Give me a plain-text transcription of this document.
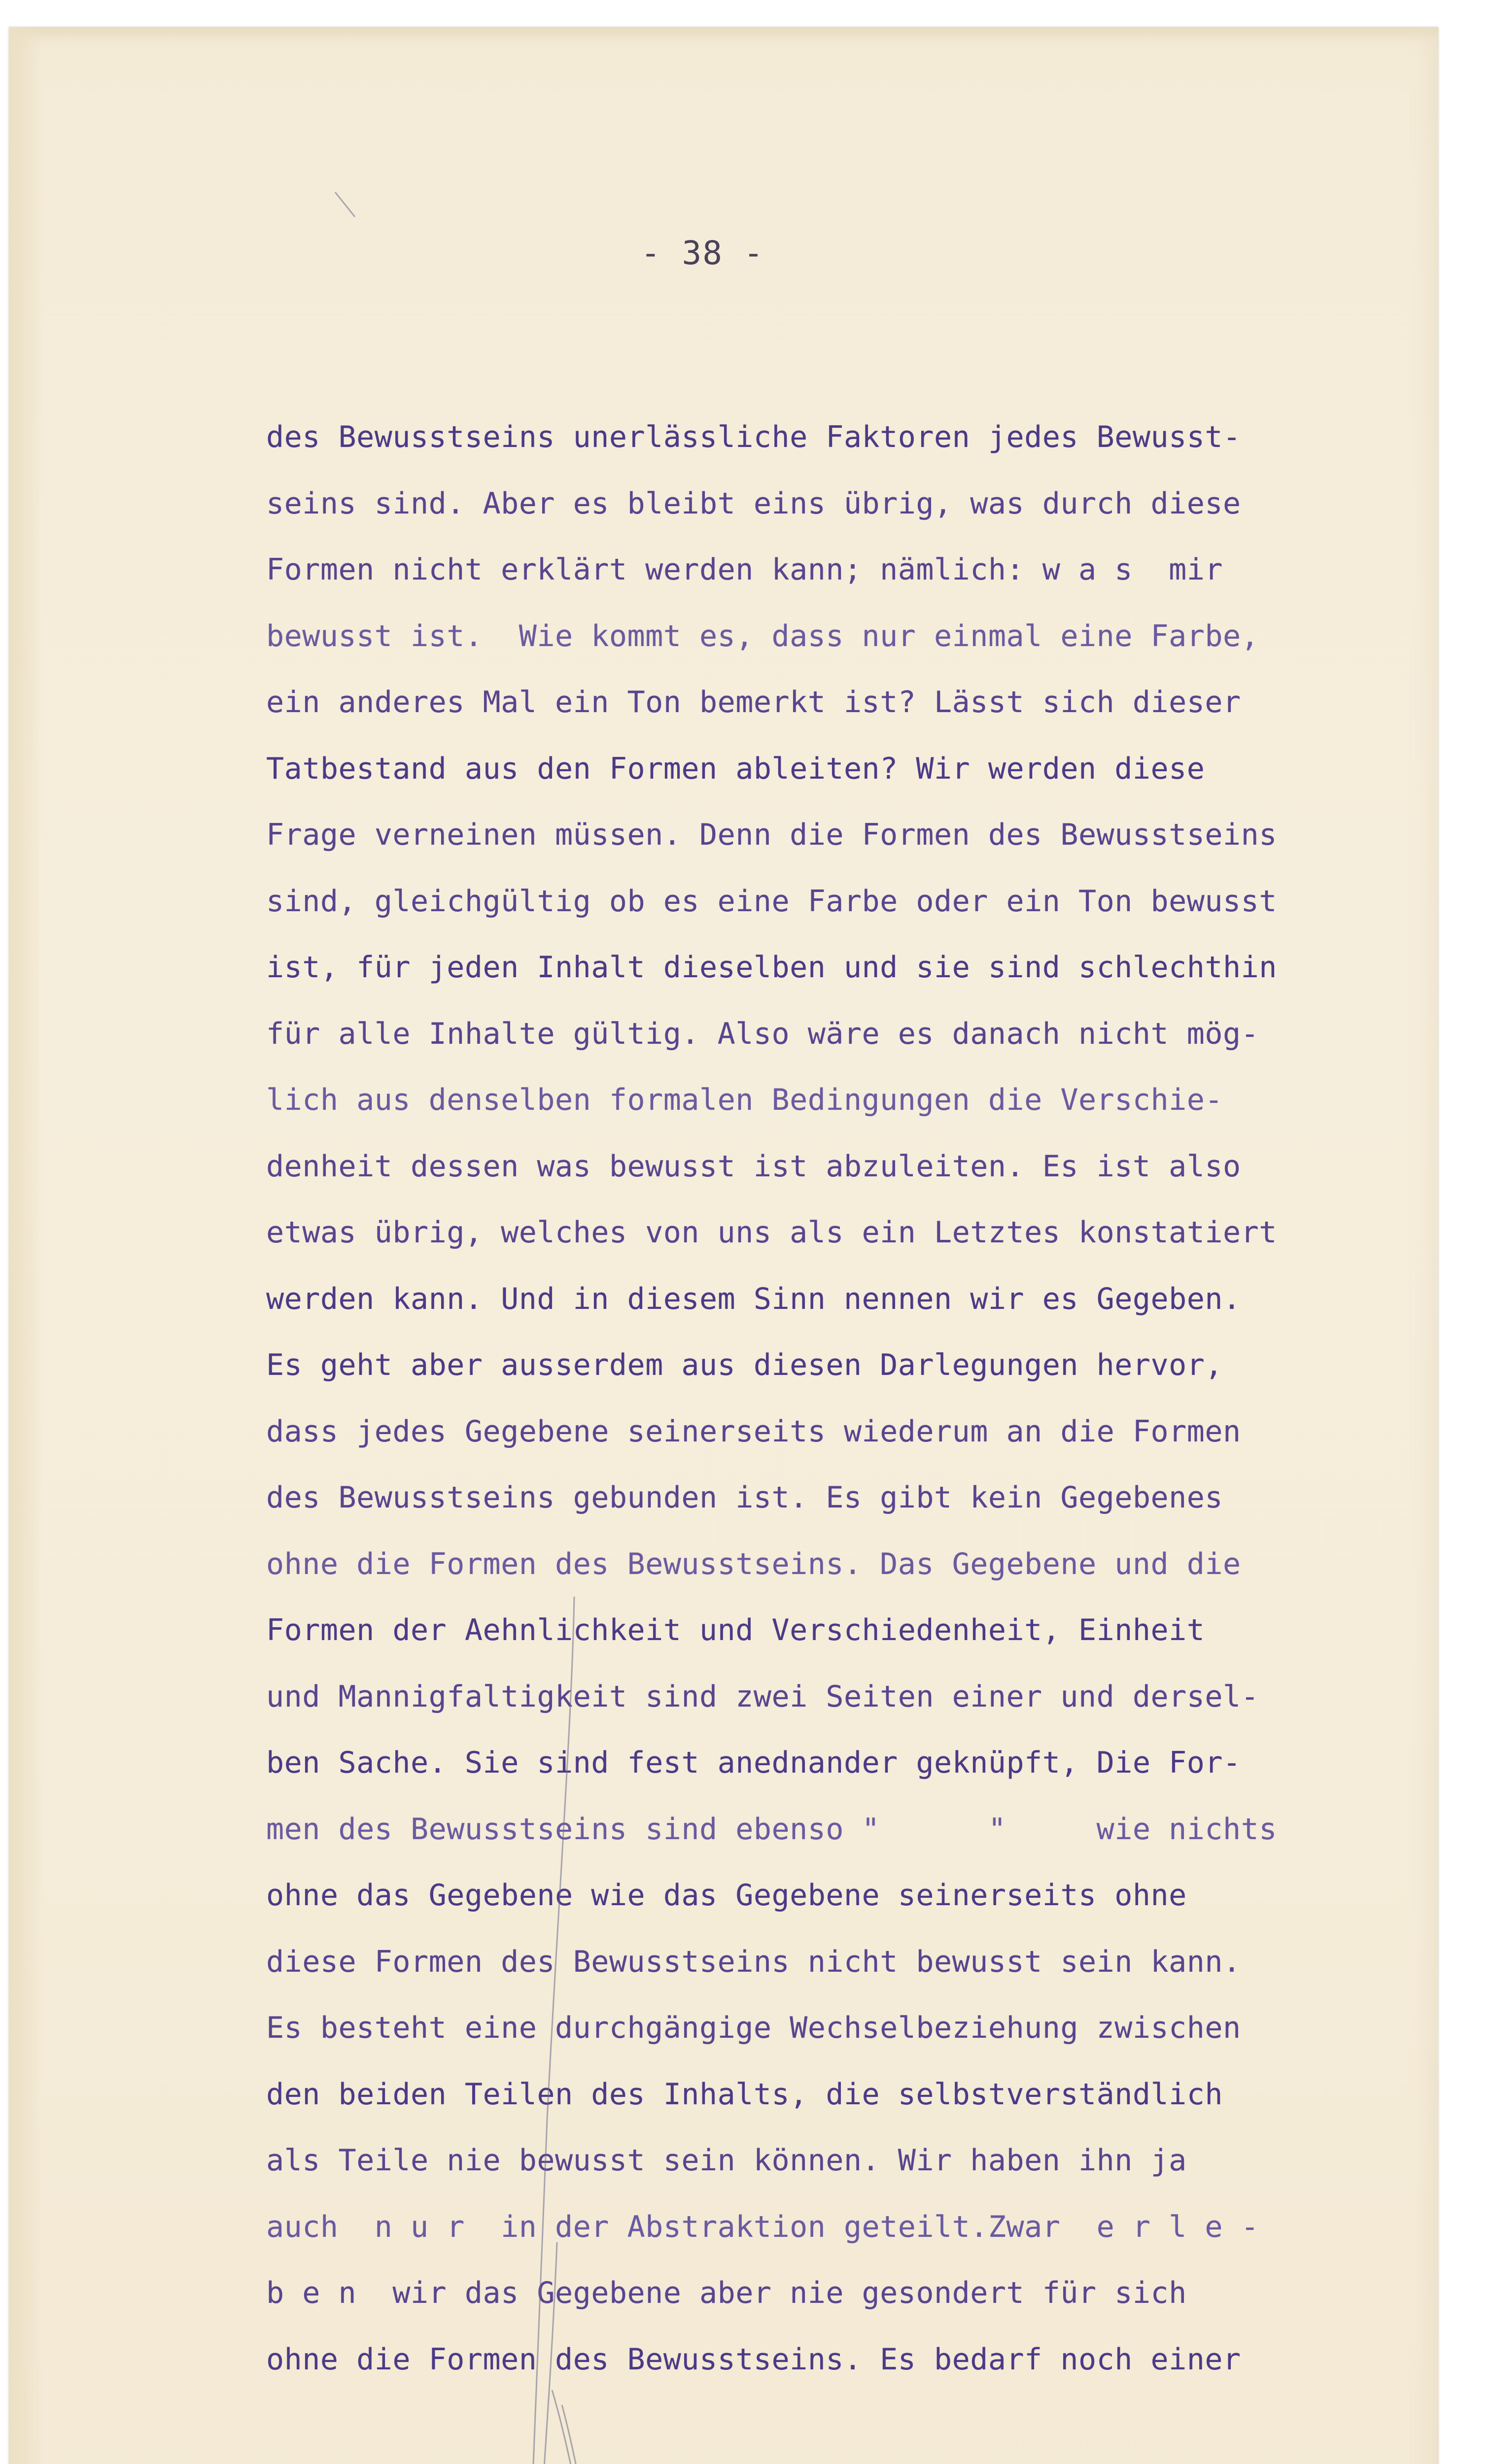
- 38 -
des Bewusstseins unerlässliche Faktoren jedes Bewusst-
seins sind. Aber es bleibt eins übrig, was durch diese
Formen nicht erklärt werden kann; nämlich: w a s  mir
bewusst ist.  Wie kommt es, dass nur einmal eine Farbe,
ein anderes Mal ein Ton bemerkt ist? Lässt sich dieser
Tatbestand aus den Formen ableiten? Wir werden diese
Frage verneinen müssen. Denn die Formen des Bewusstseins
sind, gleichgültig ob es eine Farbe oder ein Ton bewusst
ist, für jeden Inhalt dieselben und sie sind schlechthin
für alle Inhalte gültig. Also wäre es danach nicht mög-
lich aus denselben formalen Bedingungen die Verschie-
denheit dessen was bewusst ist abzuleiten. Es ist also
etwas übrig, welches von uns als ein Letztes konstatiert
werden kann. Und in diesem Sinn nennen wir es Gegeben.
Es geht aber ausserdem aus diesen Darlegungen hervor,
dass jedes Gegebene seinerseits wiederum an die Formen
des Bewusstseins gebunden ist. Es gibt kein Gegebenes
ohne die Formen des Bewusstseins. Das Gegebene und die
Formen der Aehnlichkeit und Verschiedenheit, Einheit
und Mannigfaltigkeit sind zwei Seiten einer und dersel-
ben Sache. Sie sind fest anednander geknüpft, Die For-
men des Bewusstseins sind ebenso "      "     wie nichts
ohne das Gegebene wie das Gegebene seinerseits ohne
diese Formen des Bewusstseins nicht bewusst sein kann.
Es besteht eine durchgängige Wechselbeziehung zwischen
den beiden Teilen des Inhalts, die selbstverständlich
als Teile nie bewusst sein können. Wir haben ihn ja
auch  n u r  in der Abstraktion geteilt.Zwar  e r l e -
b e n  wir das Gegebene aber nie gesondert für sich
ohne die Formen des Bewusstseins. Es bedarf noch einer
